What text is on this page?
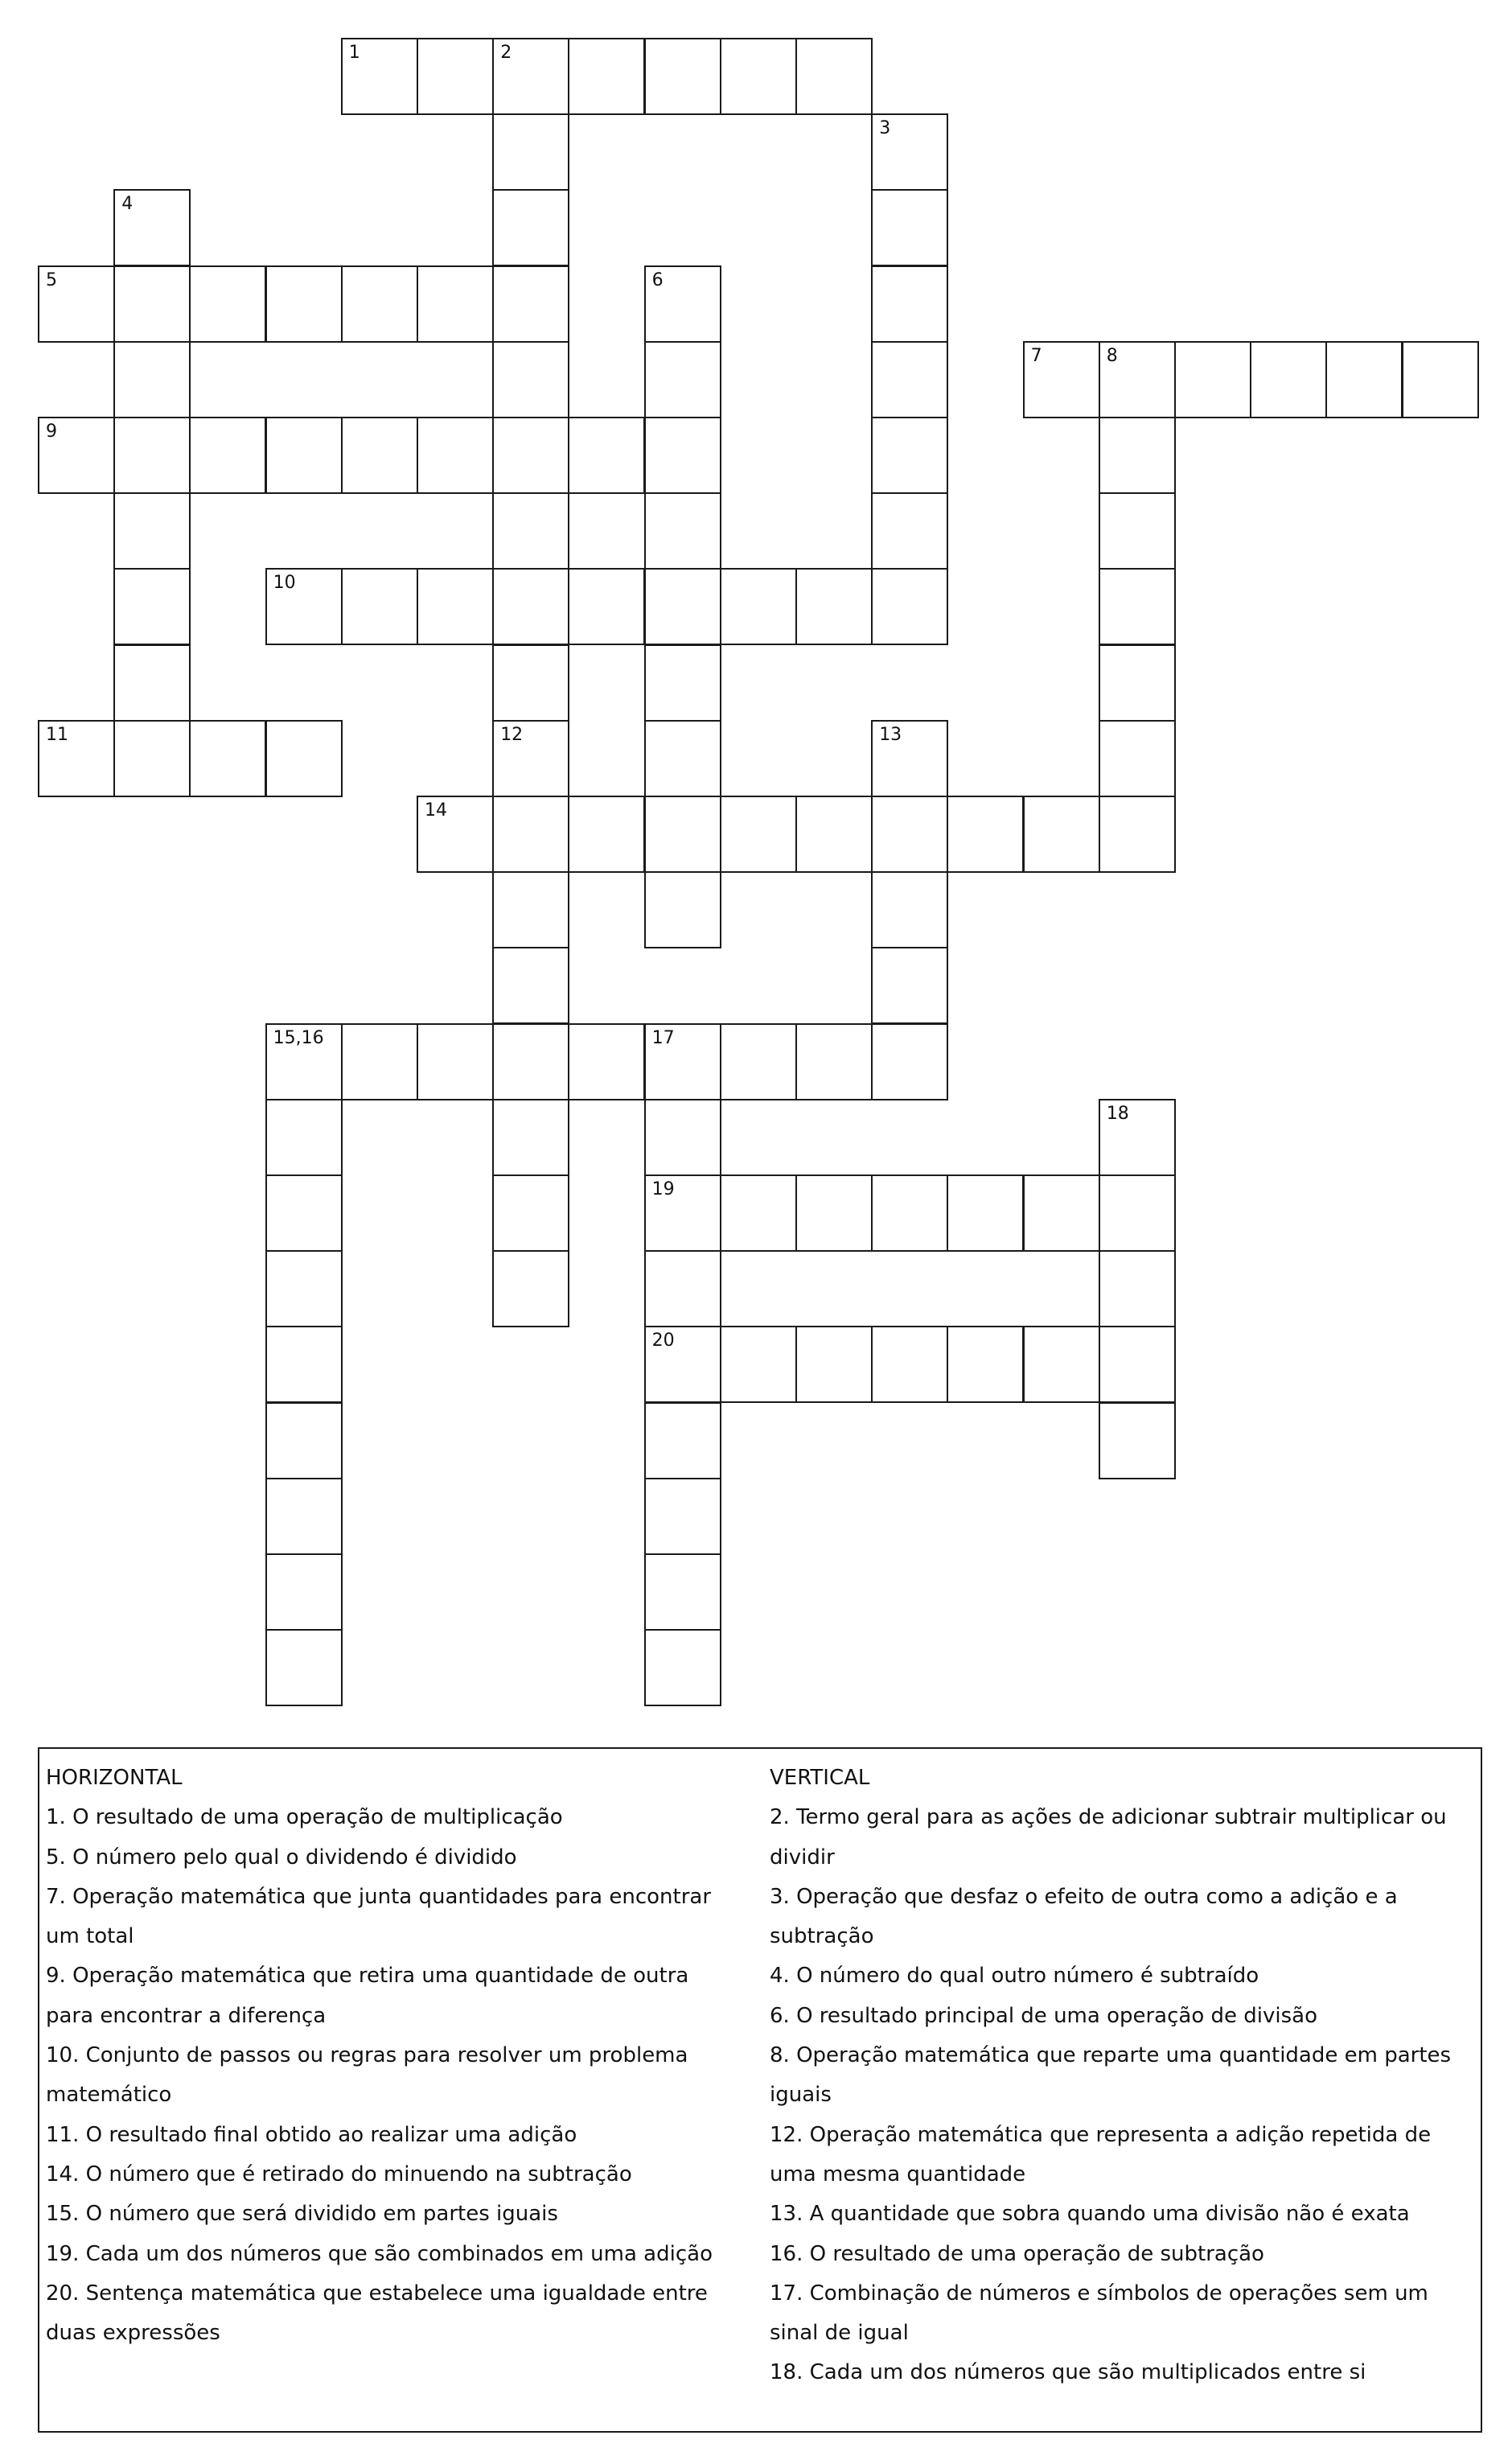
1	2
12
3
4
5	6
7	8
9
10
11	13
14
15,16	17
19
20
18
HORIZONTAL
1. O resultado de uma operação de multiplicação
5. O número pelo qual o dividendo é dividido
7. Operação matemática que junta quantidades para encontrar
um total
9. Operação matemática que retira uma quantidade de outra
para encontrar a diferença
10. Conjunto de passos ou regras para resolver um problema
matemático
11. O resultado final obtido ao realizar uma adição
14. O número que é retirado do minuendo na subtração
15. O número que será dividido em partes iguais
19. Cada um dos números que são combinados em uma adição
20. Sentença matemática que estabelece uma igualdade entre
duas expressões
VERTICAL
2. Termo geral para as ações de adicionar subtrair multiplicar ou
dividir
3. Operação que desfaz o efeito de outra como a adição e a
subtração
4. O número do qual outro número é subtraído
6. O resultado principal de uma operação de divisão
8. Operação matemática que reparte uma quantidade em partes
iguais
12. Operação matemática que representa a adição repetida de
uma mesma quantidade
13. A quantidade que sobra quando uma divisão não é exata
16. O resultado de uma operação de subtração
17. Combinação de números e símbolos de operações sem um
sinal de igual
18. Cada um dos números que são multiplicados entre si
